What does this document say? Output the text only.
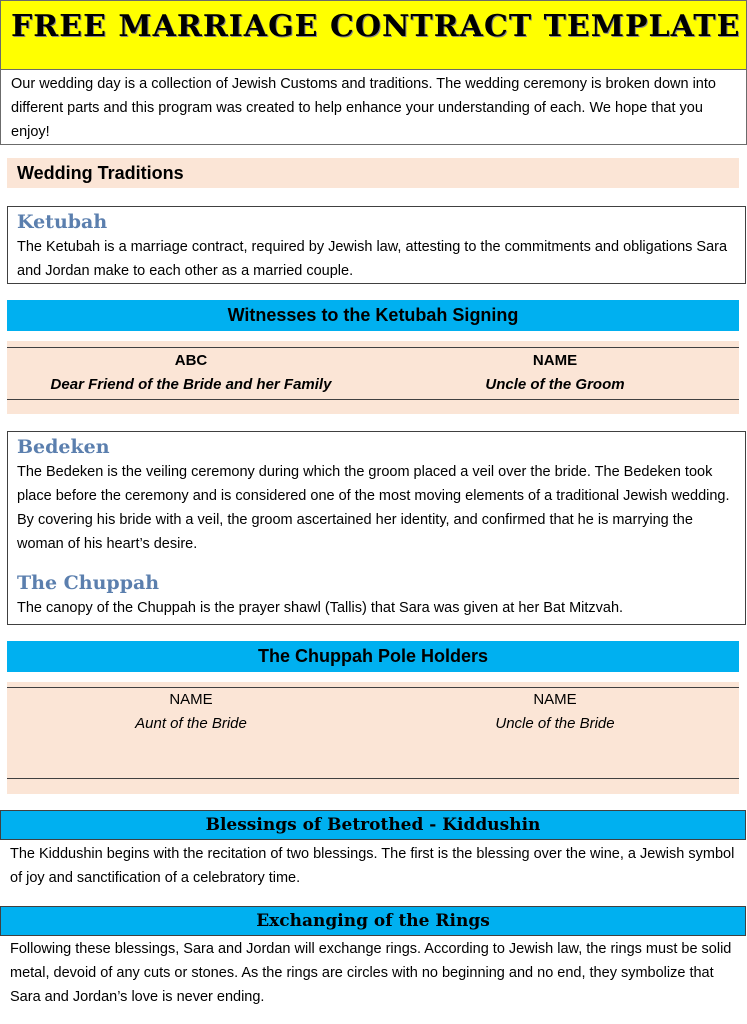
FREE MARRIAGE CONTRACT TEMPLATE
Our wedding day is a collection of Jewish Customs and traditions. The wedding ceremony is broken down into different parts and this program was created to help enhance your understanding of each. We hope that you enjoy!
Wedding Traditions
Ketubah
The Ketubah is a marriage contract, required by Jewish law, attesting to the commitments and obligations Sara and Jordan make to each other as a married couple.
Witnesses to the Ketubah Signing
ABC
Dear Friend of the Bride and her Family
NAME
Uncle of the Groom
Bedeken
The Bedeken is the veiling ceremony during which the groom placed a veil over the bride. The Bedeken took place before the ceremony and is considered one of the most moving elements of a traditional Jewish wedding. By covering his bride with a veil, the groom ascertained her identity, and confirmed that he is marrying the woman of his heart’s desire.
The Chuppah
The canopy of the Chuppah is the prayer shawl (Tallis) that Sara was given at her Bat Mitzvah.
The Chuppah Pole Holders
NAME
Aunt of the Bride
NAME
Uncle of the Bride
Blessings of Betrothed - Kiddushin
The Kiddushin begins with the recitation of two blessings. The first is the blessing over the wine, a Jewish symbol of joy and sanctification of a celebratory time.
Exchanging of the Rings
Following these blessings, Sara and Jordan will exchange rings. According to Jewish law, the rings must be solid metal, devoid of any cuts or stones. As the rings are circles with no beginning and no end, they symbolize that Sara and Jordan’s love is never ending.
